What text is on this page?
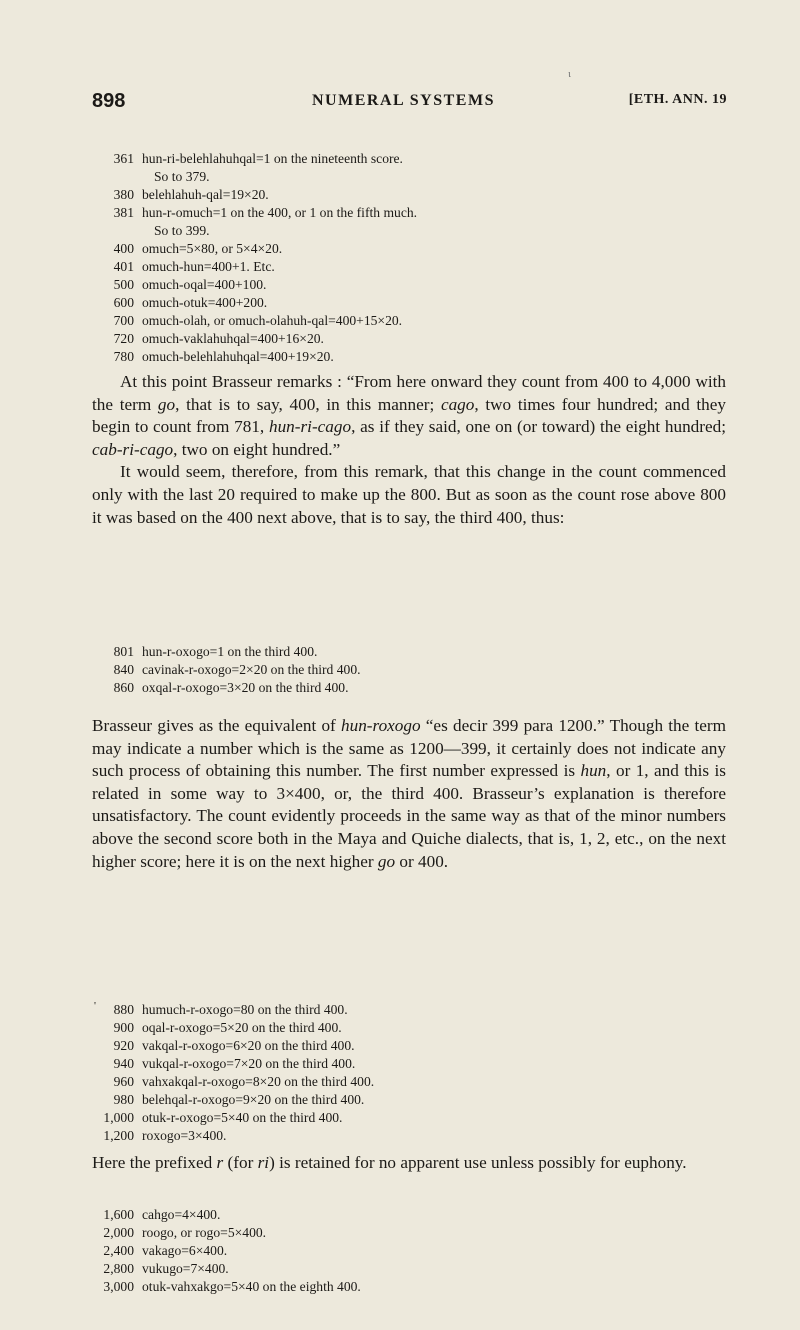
ι
898	NUMERAL SYSTEMS	[ETH. ANN. 19
361 hun-ri-belehlahuhqal=1 on the nineteenth score.
So to 379.
380 belehlahuh-qal=19×20.
381 hun-r-omuch=1 on the 400, or 1 on the fifth much.
So to 399.
400 omuch=5×80, or 5×4×20.
401 omuch-hun=400+1. Etc.
500 omuch-oqal=400+100.
600 omuch-otuk=400+200.
700 omuch-olah, or omuch-olahuh-qal=400+15×20.
720 omuch-vaklahuhqal=400+16×20.
780 omuch-belehlahuhqal=400+19×20.

At this point Brasseur remarks : “From here onward they count from 400 to 4,000 with the term go, that is to say, 400, in this manner; cago, two times four hundred; and they begin to count from 781, hun-ri-cago, as if they said, one on (or toward) the eight hundred; cab-ri-cago, two on eight hundred.”

It would seem, therefore, from this remark, that this change in the count commenced only with the last 20 required to make up the 800. But as soon as the count rose above 800 it was based on the 400 next above, that is to say, the third 400, thus:

801 hun-r-oxogo=1 on the third 400.
840 cavinak-r-oxogo=2×20 on the third 400.
860 oxqal-r-oxogo=3×20 on the third 400.

Brasseur gives as the equivalent of hun-roxogo “es decir 399 para 1200.” Though the term may indicate a number which is the same as 1200—399, it certainly does not indicate any such process of obtaining this number. The first number expressed is hun, or 1, and this is related in some way to 3×400, or, the third 400. Brasseur’s explanation is therefore unsatisfactory. The count evidently proceeds in the same way as that of the minor numbers above the second score both in the Maya and Quiche dialects, that is, 1, 2, etc., on the next higher score; here it is on the next higher go or 400.

'	880 humuch-r-oxogo=80 on the third 400.
900 oqal-r-oxogo=5×20 on the third 400.
920 vakqal-r-oxogo=6×20 on the third 400.
940 vukqal-r-oxogo=7×20 on the third 400.
960 vahxakqal-r-oxogo=8×20 on the third 400.
980 belehqal-r-oxogo=9×20 on the third 400.
1,000 otuk-r-oxogo=5×40 on the third 400.
1,200 roxogo=3×400.

Here the prefixed r (for ri) is retained for no apparent use unless possibly for euphony.

1,600 cahgo=4×400.
2,000 roogo, or rogo=5×400.
2,400 vakago=6×400.
2,800 vukugo=7×400.
3,000 otuk-vahxakgo=5×40 on the eighth 400.
